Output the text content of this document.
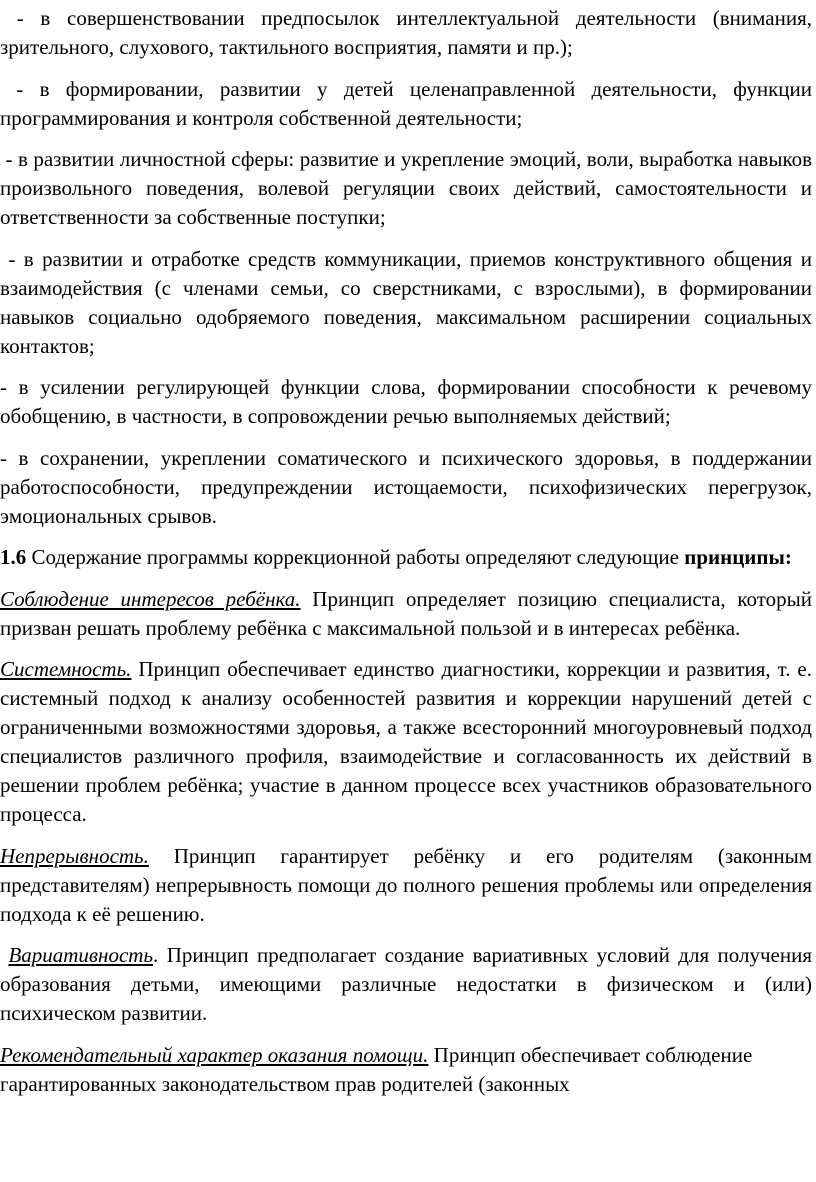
- в совершенствовании предпосылок интеллектуальной деятельности (внимания, зрительного, слухового, тактильного восприятия, памяти и пр.);

- в формировании, развитии у детей целенаправленной деятельности, функции программирования и контроля собственной деятельности;

- в развитии личностной сферы: развитие и укрепление эмоций, воли, выработка навыков произвольного поведения, волевой регуляции своих действий, самостоятельности и ответственности за собственные поступки;

- в развитии и отработке средств коммуникации, приемов конструктивного общения и взаимодействия (с членами семьи, со сверстниками, с взрослыми), в формировании навыков социально одобряемого поведения, максимальном расширении социальных контактов;

- в усилении регулирующей функции слова, формировании способности к речевому обобщению, в частности, в сопровождении речью выполняемых действий;

- в сохранении, укреплении соматического и психического здоровья, в поддержании работоспособности, предупреждении истощаемости, психофизических перегрузок, эмоциональных срывов.

1.6 Содержание программы коррекционной работы определяют следующие принципы:

Соблюдение интересов ребёнка. Принцип определяет позицию специалиста, который призван решать проблему ребёнка с максимальной пользой и в интересах ребёнка.

Системность. Принцип обеспечивает единство диагностики, коррекции и развития, т. е. системный подход к анализу особенностей развития и коррекции нарушений детей с ограниченными возможностями здоровья, а также всесторонний многоуровневый подход специалистов различного профиля, взаимодействие и согласованность их действий в решении проблем ребёнка; участие в данном процессе всех участников образовательного процесса.

Непрерывность. Принцип гарантирует ребёнку и его родителям (законным представителям) непрерывность помощи до полного решения проблемы или определения подхода к её решению.

Вариативность. Принцип предполагает создание вариативных условий для получения образования детьми, имеющими различные недостатки в физическом и (или) психическом развитии.

Рекомендательный характер оказания помощи. Принцип обеспечивает соблюдение гарантированных законодательством прав родителей (законных
